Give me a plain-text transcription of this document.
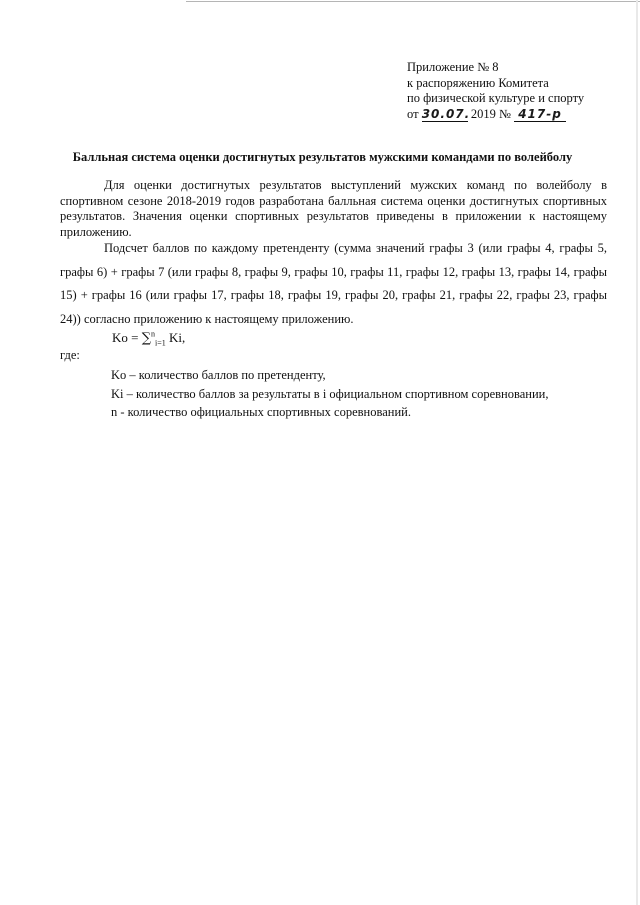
Приложение № 8
к распоряжению Комитета
по физической культуре и спорту
от 30.07. 2019 № 417-p
Балльная система оценки достигнутых результатов мужскими командами по волейболу

Для оценки достигнутых результатов выступлений мужских команд по волейболу в спортивном сезоне 2018-2019 годов разработана балльная система оценки достигнутых спортивных результатов. Значения оценки спортивных результатов приведены в приложении к настоящему приложению.

Подсчет баллов по каждому претенденту (сумма значений графы 3 (или графы 4, графы 5, графы 6) + графы 7 (или графы 8, графы 9, графы 10, графы 11, графы 12, графы 13, графы 14, графы 15) + графы 16 (или графы 17, графы 18, графы 19, графы 20, графы 21, графы 22, графы 23, графы 24)) согласно приложению к настоящему приложению.

Ko = ∑$^n_{i=1}$ Ki,
где:
Ko – количество баллов по претенденту,
Ki – количество баллов за результаты в i официальном спортивном соревновании,
n - количество официальных спортивных соревнований.
